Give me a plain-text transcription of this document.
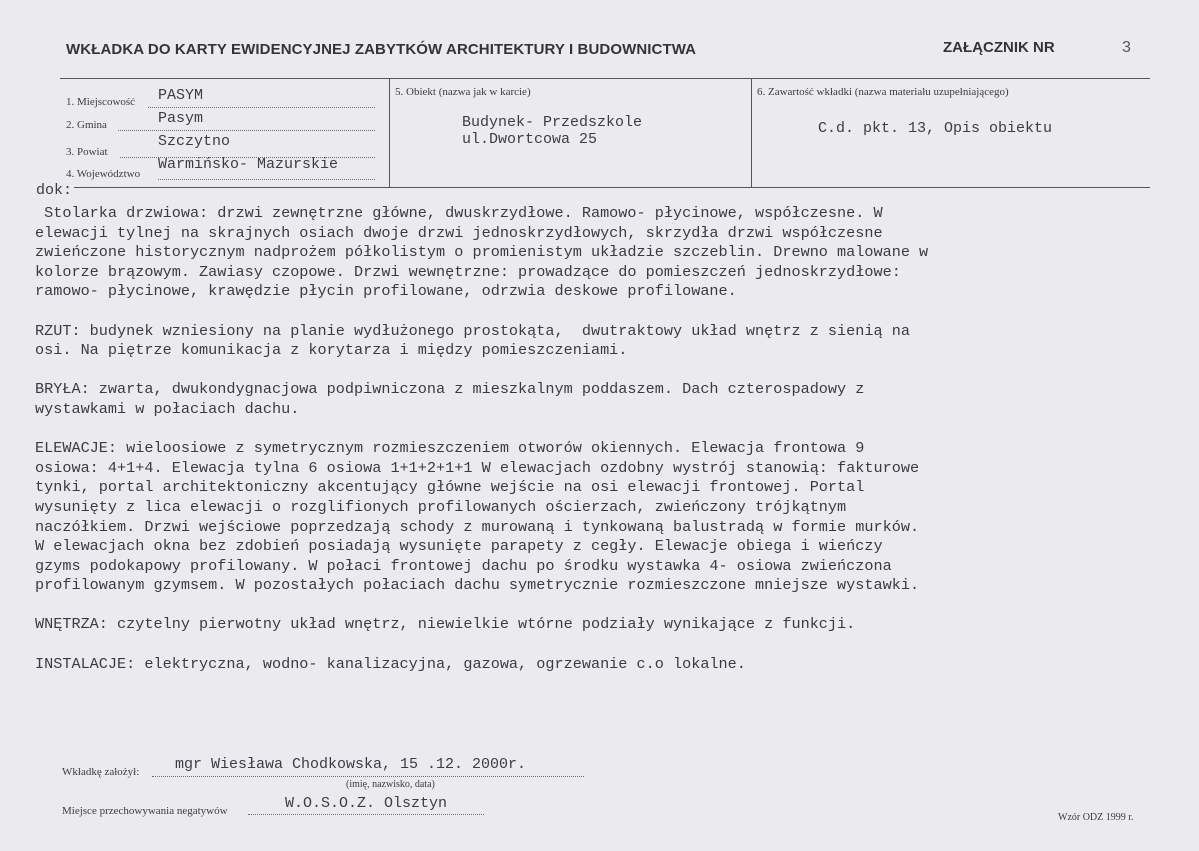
WKŁADKA DO KARTY EWIDENCYJNEJ ZABYTKÓW ARCHITEKTURY I BUDOWNICTWA	ZAŁĄCZNIK NR	3
1. Miejscowość PASYM
2. Gmina	Pasym
3. Powiat
Szczytno
4. Województwo
Warmińsko- Mazurskie
5. Obiekt (nazwa jak w karcie)
Budynek- Przedszkole
ul.Dwortcowa 25
6. Zawartość wkładki (nazwa materiału uzupełniającego)
C.d. pkt. 13, Opis obiektu
dok:
Stolarka drzwiowa: drzwi zewnętrzne główne, dwuskrzydłowe. Ramowo- płycinowe, współczesne. W
elewacji tylnej na skrajnych osiach dwoje drzwi jednoskrzydłowych, skrzydła drzwi współczesne
zwieńczone historycznym nadprożem półkolistym o promienistym układzie szczeblin. Drewno malowane w
kolorze brązowym. Zawiasy czopowe. Drzwi wewnętrzne: prowadzące do pomieszczeń jednoskrzydłowe:
ramowo- płycinowe, krawędzie płycin profilowane, odrzwia deskowe profilowane.
RZUT: budynek wzniesiony na planie wydłużonego prostokąta,  dwutraktowy układ wnętrz z sienią na
osi. Na piętrze komunikacja z korytarza i między pomieszczeniami.
BRYŁA: zwarta, dwukondygnacjowa podpiwniczona z mieszkalnym poddaszem. Dach czterospadowy z
wystawkami w połaciach dachu.
ELEWACJE: wieloosiowe z symetrycznym rozmieszczeniem otworów okiennych. Elewacja frontowa 9
osiowa: 4+1+4. Elewacja tylna 6 osiowa 1+1+2+1+1 W elewacjach ozdobny wystrój stanowią: fakturowe
tynki, portal architektoniczny akcentujący główne wejście na osi elewacji frontowej. Portal
wysunięty z lica elewacji o rozglifionych profilowanych ościerzach, zwieńczony trójkątnym
naczółkiem. Drzwi wejściowe poprzedzają schody z murowaną i tynkowaną balustradą w formie murków.
W elewacjach okna bez zdobień posiadają wysunięte parapety z cegły. Elewacje obiega i wieńczy
gzyms podokapowy profilowany. W połaci frontowej dachu po środku wystawka 4- osiowa zwieńczona
profilowanym gzymsem. W pozostałych połaciach dachu symetrycznie rozmieszczone mniejsze wystawki.
WNĘTRZA: czytelny pierwotny układ wnętrz, niewielkie wtórne podziały wynikające z funkcji.
INSTALACJE: elektryczna, wodno- kanalizacyjna, gazowa, ogrzewanie c.o lokalne.
Wkładkę założył: mgr Wiesława Chodkowska, 15 .12. 2000r.
(imię, nazwisko, data)
Miejsce przechowywania negatywów	W.O.S.O.Z. Olsztyn
Wzór ODZ 1999 r.
